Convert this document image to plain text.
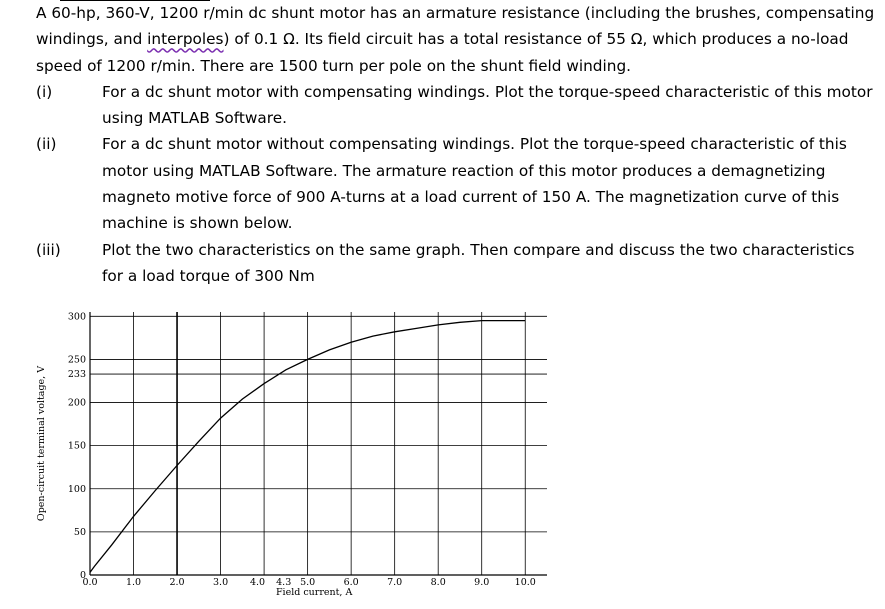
A 60-hp, 360-V, 1200 r/min dc shunt motor has an armature resistance (including the brushes, compensating windings, and interpoles) of 0.1 Ω. Its field circuit has a total resistance of 55 Ω, which produces a no-load speed of 1200 r/min. There are 1500 turn per pole on the shunt field winding.
(i)	For a dc shunt motor with compensating windings. Plot the torque-speed characteristic of this motor using MATLAB Software.
(ii)	For a dc shunt motor without compensating windings. Plot the torque-speed characteristic of this motor using MATLAB Software. The armature reaction of this motor produces a demagnetizing magneto motive force of 900 A-turns at a load current of 150 A. The magnetization curve of this machine is shown below.
(iii)	Plot the two characteristics on the same graph. Then compare and discuss the two characteristics for a load torque of 300 Nm
0.0	1.0	2.0	3.0 4.0 4.3 5.0	6.0	7.0	8.0	9.0	10.0
0
50
100
150
200
233
250
300
Field current, A
Open-circuit terminal voltage, V
